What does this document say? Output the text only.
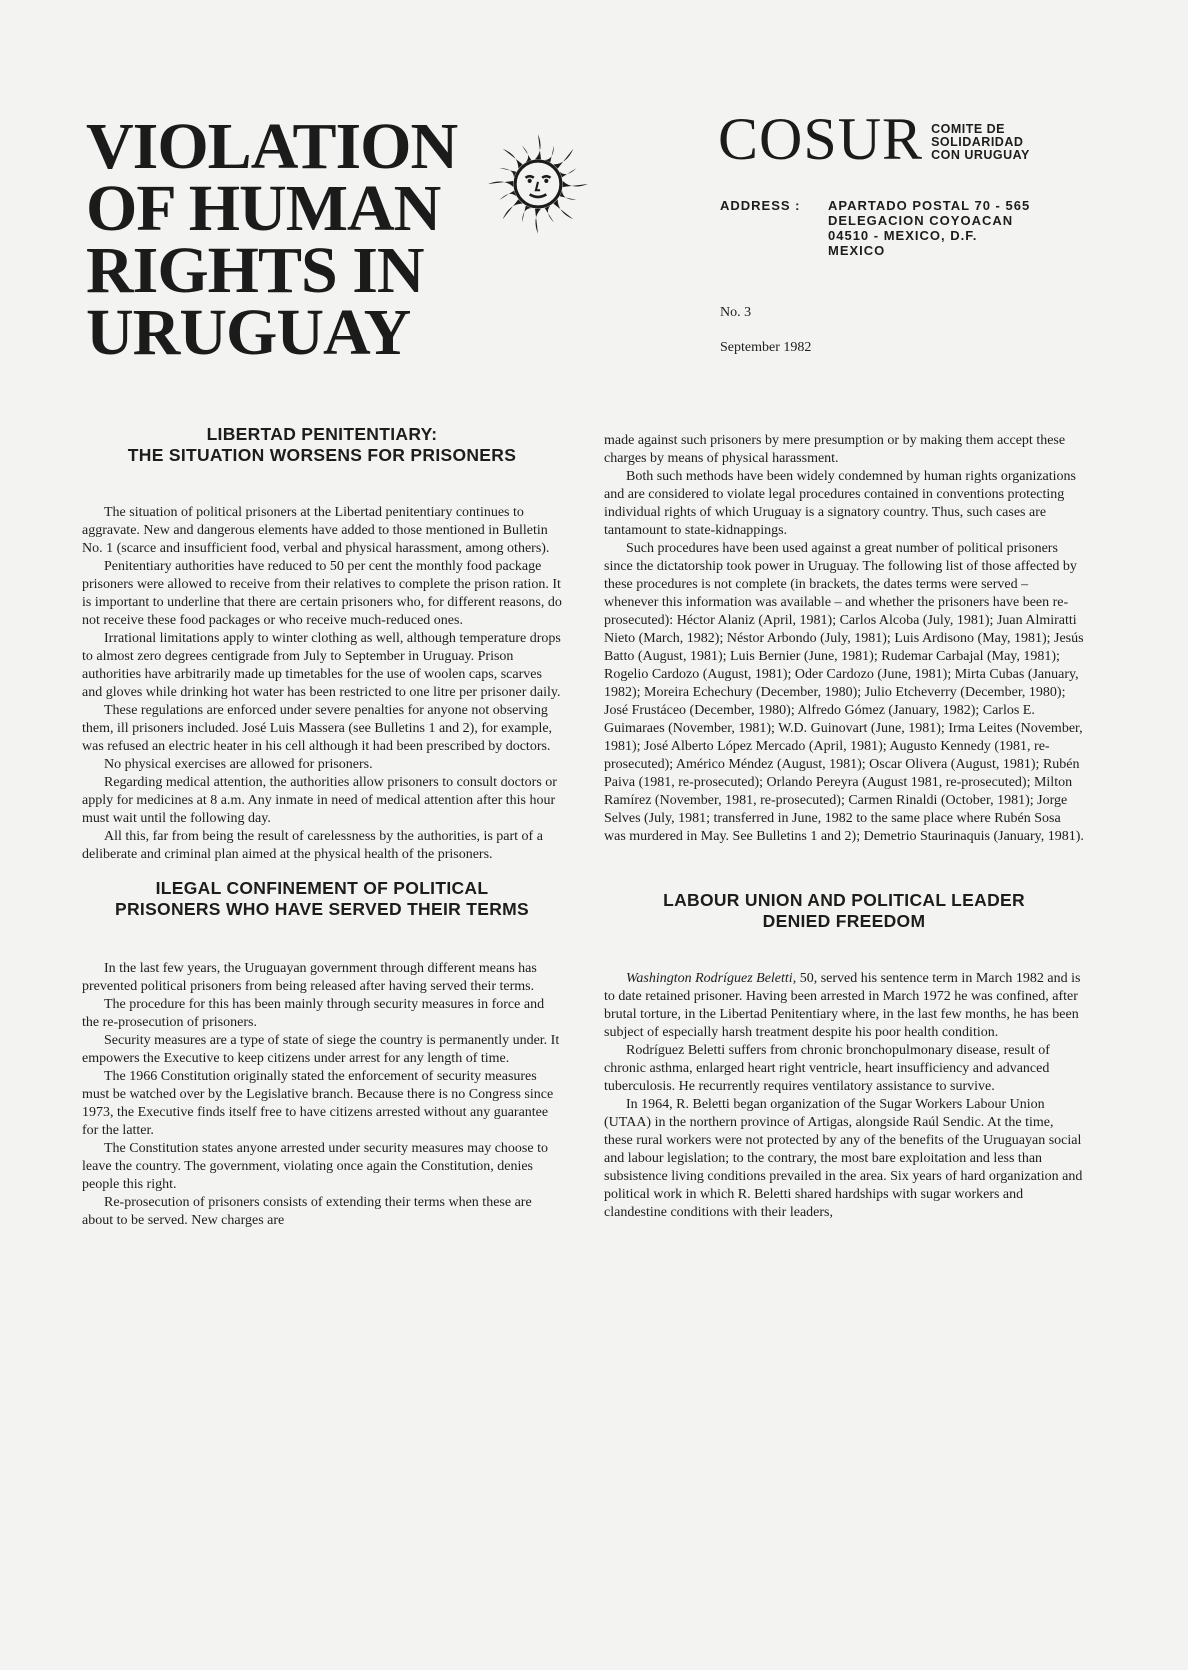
VIOLATION
OF HUMAN
RIGHTS IN
URUGUAY
COSUR COMITE DE
SOLIDARIDAD
CON URUGUAY
ADDRESS :	APARTADO POSTAL 70 - 565
DELEGACION COYOACAN
04510 - MEXICO, D.F.
MEXICO
No. 3
September 1982
LIBERTAD PENITENTIARY:
THE SITUATION WORSENS FOR PRISONERS

The situation of political prisoners at the Libertad penitentiary continues to aggravate. New and dangerous elements have added to those mentioned in Bulletin No. 1 (scarce and insufficient food, verbal and physical harassment, among others).

Penitentiary authorities have reduced to 50 per cent the monthly food package prisoners were allowed to receive from their relatives to complete the prison ration. It is important to underline that there are certain prisoners who, for different reasons, do not receive these food packages or who receive much-reduced ones.

Irrational limitations apply to winter clothing as well, although temperature drops to almost zero degrees centigrade from July to September in Uruguay. Prison authorities have arbitrarily made up timetables for the use of woolen caps, scarves and gloves while drinking hot water has been restricted to one litre per prisoner daily.

These regulations are enforced under severe penalties for anyone not observing them, ill prisoners included. José Luis Massera (see Bulletins 1 and 2), for example, was refused an electric heater in his cell although it had been prescribed by doctors.

No physical exercises are allowed for prisoners.

Regarding medical attention, the authorities allow prisoners to consult doctors or apply for medicines at 8 a.m. Any inmate in need of medical attention after this hour must wait until the following day.

All this, far from being the result of carelessness by the authorities, is part of a deliberate and criminal plan aimed at the physical health of the prisoners.

ILEGAL CONFINEMENT OF POLITICAL
PRISONERS WHO HAVE SERVED THEIR TERMS

In the last few years, the Uruguayan government through different means has prevented political prisoners from being released after having served their terms.

The procedure for this has been mainly through security measures in force and the re-prosecution of prisoners.

Security measures are a type of state of siege the country is permanently under. It empowers the Executive to keep citizens under arrest for any length of time.

The 1966 Constitution originally stated the enforcement of security measures must be watched over by the Legislative branch. Because there is no Congress since 1973, the Executive finds itself free to have citizens arrested without any guarantee for the latter.

The Constitution states anyone arrested under security measures may choose to leave the country. The government, violating once again the Constitution, denies people this right.

Re-prosecution of prisoners consists of extending their terms when these are about to be served. New charges are

made against such prisoners by mere presumption or by making them accept these charges by means of physical harassment.

Both such methods have been widely condemned by human rights organizations and are considered to violate legal procedures contained in conventions protecting individual rights of which Uruguay is a signatory country. Thus, such cases are tantamount to state-kidnappings.

Such procedures have been used against a great number of political prisoners since the dictatorship took power in Uruguay. The following list of those affected by these procedures is not complete (in brackets, the dates terms were served – whenever this information was available – and whether the prisoners have been re-prosecuted): Héctor Alaniz (April, 1981); Carlos Alcoba (July, 1981); Juan Almiratti Nieto (March, 1982); Néstor Arbondo (July, 1981); Luis Ardisono (May, 1981); Jesús Batto (August, 1981); Luis Bernier (June, 1981); Rudemar Carbajal (May, 1981); Rogelio Cardozo (August, 1981); Oder Cardozo (June, 1981); Mirta Cubas (January, 1982); Moreira Echechury (December, 1980); Julio Etcheverry (December, 1980); José Frustáceo (December, 1980); Alfredo Gómez (January, 1982); Carlos E. Guimaraes (November, 1981); W.D. Guinovart (June, 1981); Irma Leites (November, 1981); José Alberto López Mercado (April, 1981); Augusto Kennedy (1981, re-prosecuted); Américo Méndez (August, 1981); Oscar Olivera (August, 1981); Rubén Paiva (1981, re-prosecuted); Orlando Pereyra (August 1981, re-prosecuted); Milton Ramírez (November, 1981, re-prosecuted); Carmen Rinaldi (October, 1981); Jorge Selves (July, 1981; transferred in June, 1982 to the same place where Rubén Sosa was murdered in May. See Bulletins 1 and 2); Demetrio Staurinaquis (January, 1981).

LABOUR UNION AND POLITICAL LEADER
DENIED FREEDOM

Washington Rodríguez Beletti, 50, served his sentence term in March 1982 and is to date retained prisoner. Having been arrested in March 1972 he was confined, after brutal torture, in the Libertad Penitentiary where, in the last few months, he has been subject of especially harsh treatment despite his poor health condition.

Rodríguez Beletti suffers from chronic bronchopulmonary disease, result of chronic asthma, enlarged heart right ventricle, heart insufficiency and advanced tuberculosis. He recurrently requires ventilatory assistance to survive.

In 1964, R. Beletti began organization of the Sugar Workers Labour Union (UTAA) in the northern province of Artigas, alongside Raúl Sendic. At the time, these rural workers were not protected by any of the benefits of the Uruguayan social and labour legislation; to the contrary, the most bare exploitation and less than subsistence living conditions prevailed in the area. Six years of hard organization and political work in which R. Beletti shared hardships with sugar workers and clandestine conditions with their leaders,
